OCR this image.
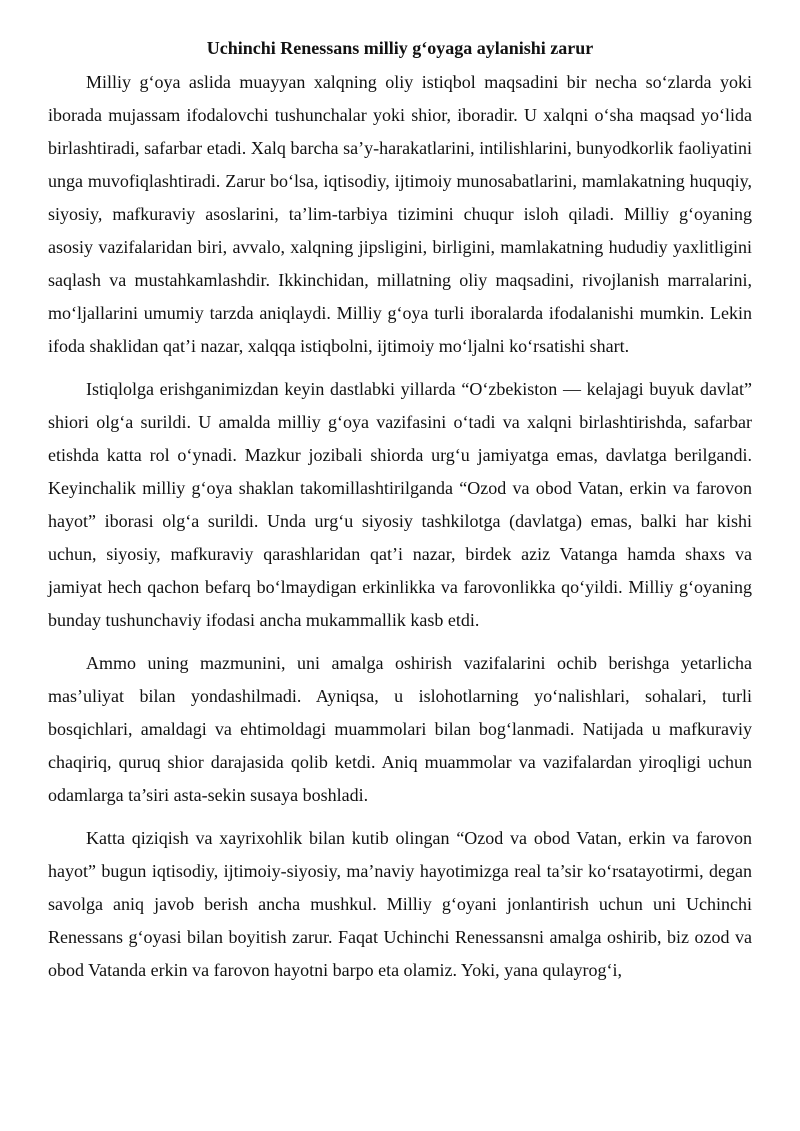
Uchinchi Renessans milliy g‘oyaga aylanishi zarur

Milliy g‘oya aslida muayyan xalqning oliy istiqbol maqsadini bir necha so‘zlarda yoki iborada mujassam ifodalovchi tushunchalar yoki shior, iboradir. U xalqni o‘sha maqsad yo‘lida birlashtiradi, safarbar etadi. Xalq barcha sa’y-harakatlarini, intilishlarini, bunyodkorlik faoliyatini unga muvofiqlashtiradi. Zarur bo‘lsa, iqtisodiy, ijtimoiy munosabatlarini, mamlakatning huquqiy, siyosiy, mafkuraviy asoslarini, ta’lim-tarbiya tizimini chuqur isloh qiladi. Milliy g‘oyaning asosiy vazifalaridan biri, avvalo, xalqning jipsligini, birligini, mamlakatning hududiy yaxlitligini saqlash va mustahkamlashdir. Ikkinchidan, millatning oliy maqsadini, rivojlanish marralarini, mo‘ljallarini umumiy tarzda aniqlaydi. Milliy g‘oya turli iboralarda ifodalanishi mumkin. Lekin ifoda shaklidan qat’i nazar, xalqqa istiqbolni, ijtimoiy mo‘ljalni ko‘rsatishi shart.

Istiqlolga erishganimizdan keyin dastlabki yillarda “O‘zbekiston — kelajagi buyuk davlat” shiori olg‘a surildi. U amalda milliy g‘oya vazifasini o‘tadi va xalqni birlashtirishda, safarbar etishda katta rol o‘ynadi. Mazkur jozibali shiorda urg‘u jamiyatga emas, davlatga berilgandi. Keyinchalik milliy g‘oya shaklan takomillashtirilganda “Ozod va obod Vatan, erkin va farovon hayot” iborasi olg‘a surildi. Unda urg‘u siyosiy tashkilotga (davlatga) emas, balki har kishi uchun, siyosiy, mafkuraviy qarashlaridan qat’i nazar, birdek aziz Vatanga hamda shaxs va jamiyat hech qachon befarq bo‘lmaydigan erkinlikka va farovonlikka qo‘yildi. Milliy g‘oyaning bunday tushunchaviy ifodasi ancha mukammallik kasb etdi.

Ammo uning mazmunini, uni amalga oshirish vazifalarini ochib berishga yetarlicha mas’uliyat bilan yondashilmadi. Ayniqsa, u islohotlarning yo‘nalishlari, sohalari, turli bosqichlari, amaldagi va ehtimoldagi muammolari bilan bog‘lanmadi. Natijada u mafkuraviy chaqiriq, quruq shior darajasida qolib ketdi. Aniq muammolar va vazifalardan yiroqligi uchun odamlarga ta’siri asta-sekin susaya boshladi.

Katta qiziqish va xayrixohlik bilan kutib olingan “Ozod va obod Vatan, erkin va farovon hayot” bugun iqtisodiy, ijtimoiy-siyosiy, ma’naviy hayotimizga real ta’sir ko‘rsatayotirmi, degan savolga aniq javob berish ancha mushkul. Milliy g‘oyani jonlantirish uchun uni Uchinchi Renessans g‘oyasi bilan boyitish zarur. Faqat Uchinchi Renessansni amalga oshirib, biz ozod va obod Vatanda erkin va farovon hayotni barpo eta olamiz. Yoki, yana qulayrog‘i,
